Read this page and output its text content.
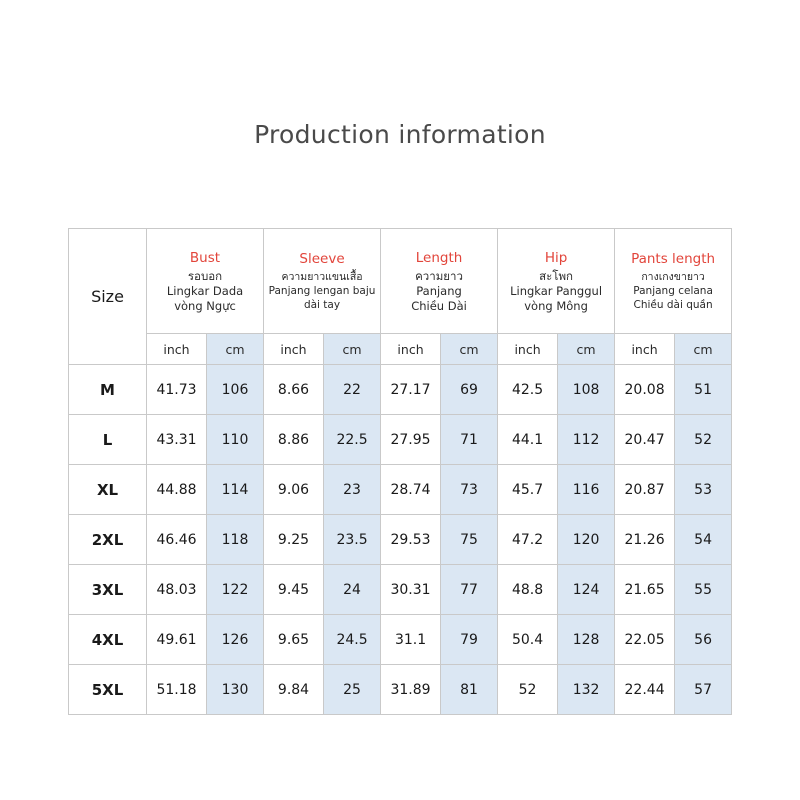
Production information
Size	
Bust
รอบอก
Lingkar Dada
vòng Ngực

Sleeve
ความยาวแขนเสื้อ
Panjang lengan baju
dài tay

Length
ความยาว
Panjang
Chiều Dài

Hip
สะโพก
Lingkar Panggul
vòng Mông

Pants length
กางเกงขายาว
Panjang celana
Chiều dài quần

	inch	cm	inch	cm	inch	cm	inch	cm	inch	cm
M	41.73	106	8.66	22	27.17	69	42.5	108	20.08	51
L	43.31	110	8.86	22.5	27.95	71	44.1	112	20.47	52
XL	44.88	114	9.06	23	28.74	73	45.7	116	20.87	53
2XL	46.46	118	9.25	23.5	29.53	75	47.2	120	21.26	54
3XL	48.03	122	9.45	24	30.31	77	48.8	124	21.65	55
4XL	49.61	126	9.65	24.5	31.1	79	50.4	128	22.05	56
5XL	51.18	130	9.84	25	31.89	81	52	132	22.44	57
